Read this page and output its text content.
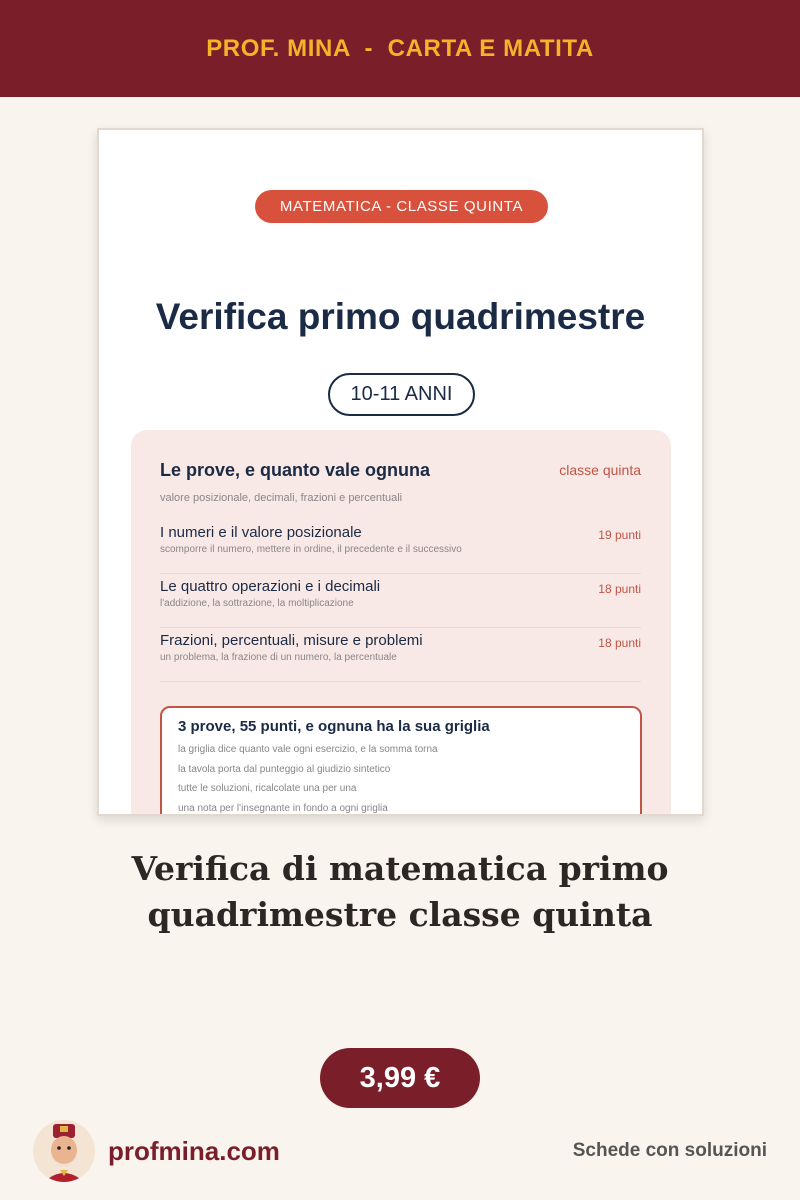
PROF. MINA  -  CARTA E MATITA
MATEMATICA - CLASSE QUINTA
Verifica primo quadrimestre
10-11 ANNI
Le prove, e quanto vale ognuna	classe quinta
valore posizionale, decimali, frazioni e percentuali
I numeri e il valore posizionale
scomporre il numero, mettere in ordine, il precedente e il successivo
19 punti
Le quattro operazioni e i decimali
l'addizione, la sottrazione, la moltiplicazione
18 punti
Frazioni, percentuali, misure e problemi
un problema, la frazione di un numero, la percentuale
18 punti
3 prove, 55 punti, e ognuna ha la sua griglia
la griglia dice quanto vale ogni esercizio, e la somma torna
la tavola porta dal punteggio al giudizio sintetico
tutte le soluzioni, ricalcolate una per una
una nota per l'insegnante in fondo a ogni griglia
Verifica di matematica primo
quadrimestre classe quinta
3,99 €
profmina.com	Schede con soluzioni
